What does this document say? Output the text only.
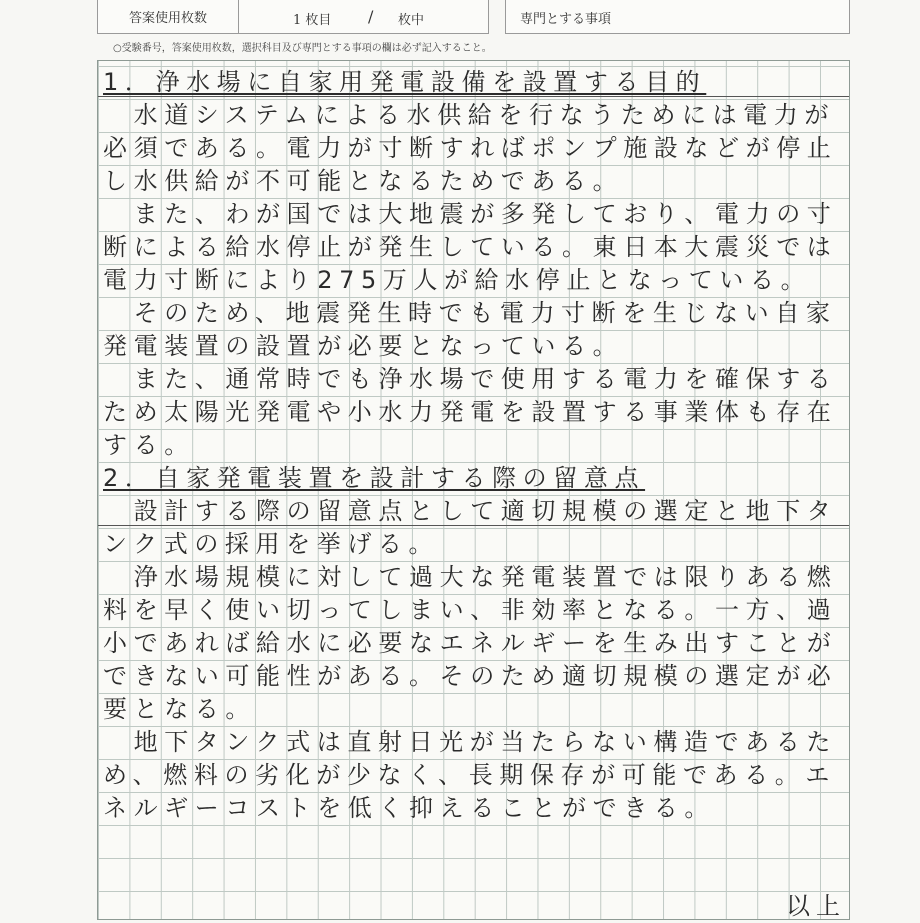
答案使用枚数	1 枚目 / 枚中	専門とする事項
○受験番号，答案使用枚数，選択科目及び専門とする事項の欄は必ず記入すること。
1．浄水場に自家用発電設備を設置する目的
　水道システムによる水供給を行なうためには電力が
必須である。電力が寸断すればポンプ施設などが停止
し水供給が不可能となるためである。
　また、わが国では大地震が多発しており、電力の寸
断による給水停止が発生している。東日本大震災では
電力寸断により275万人が給水停止となっている。
　そのため、地震発生時でも電力寸断を生じない自家
発電装置の設置が必要となっている。
　また、通常時でも浄水場で使用する電力を確保する
ため太陽光発電や小水力発電を設置する事業体も存在
する。
2．自家発電装置を設計する際の留意点
　設計する際の留意点として適切規模の選定と地下タ
ンク式の採用を挙げる。
　浄水場規模に対して過大な発電装置では限りある燃
料を早く使い切ってしまい、非効率となる。一方、過
小であれば給水に必要なエネルギーを生み出すことが
できない可能性がある。そのため適切規模の選定が必
要となる。
　地下タンク式は直射日光が当たらない構造であるた
め、燃料の劣化が少なく、長期保存が可能である。エ
ネルギーコストを低く抑えることができる。
以上
